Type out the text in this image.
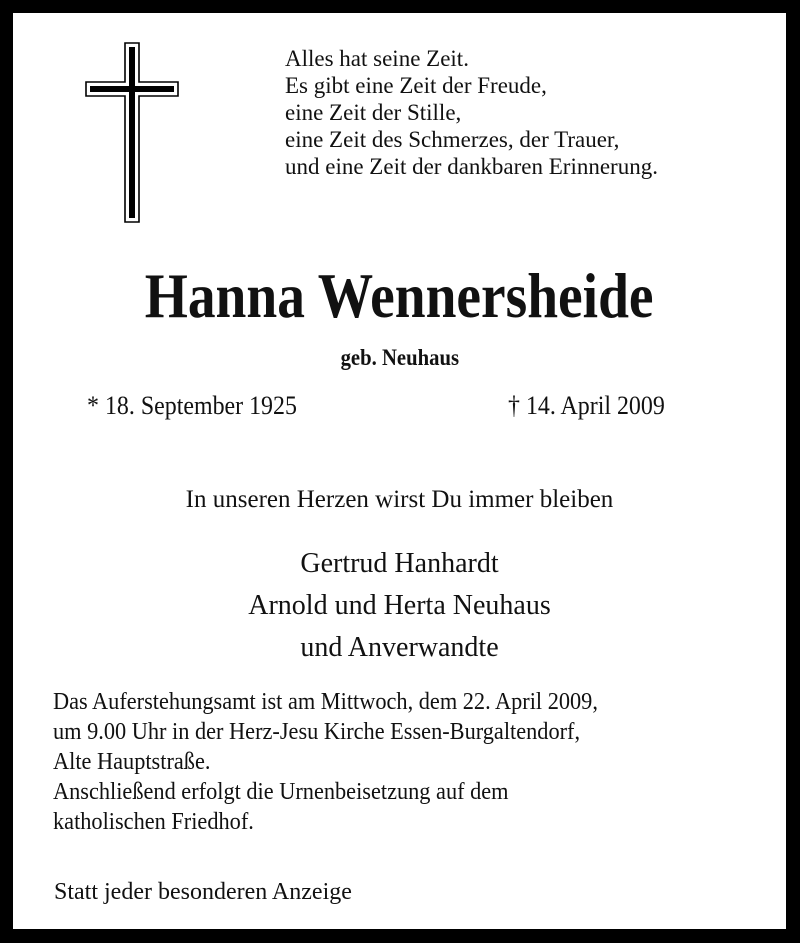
Alles hat seine Zeit.
Es gibt eine Zeit der Freude,
eine Zeit der Stille,
eine Zeit des Schmerzes, der Trauer,
und eine Zeit der dankbaren Erinnerung.
Hanna Wennersheide
geb. Neuhaus
* 18. September 1925	† 14. April 2009
In unseren Herzen wirst Du immer bleiben
Gertrud Hanhardt
Arnold und Herta Neuhaus
und Anverwandte
Das Auferstehungsamt ist am Mittwoch, dem 22. April 2009,
um 9.00 Uhr in der Herz-Jesu Kirche Essen-Burgaltendorf,
Alte Hauptstraße.
Anschließend erfolgt die Urnenbeisetzung auf dem
katholischen Friedhof.
Statt jeder besonderen Anzeige
